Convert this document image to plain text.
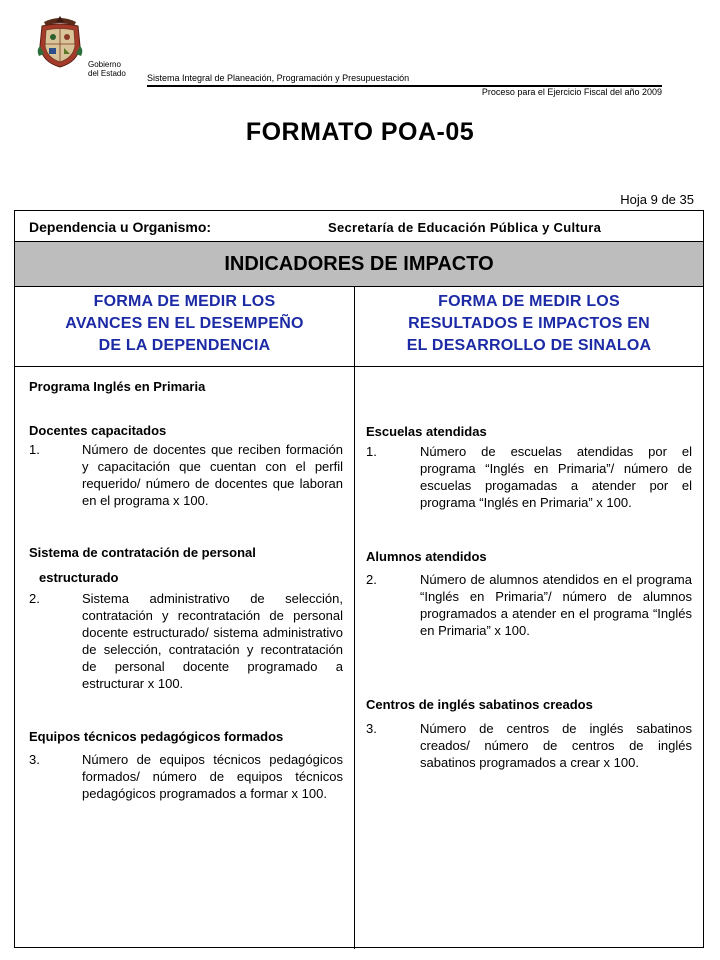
Gobierno
del Estado Sistema Integral de Planeación, Programación y Presupuestación
Proceso para el Ejercicio Fiscal del año 2009
FORMATO POA-05
Hoja 9 de 35
Dependencia u Organismo:	Secretaría de Educación Pública y Cultura
INDICADORES DE IMPACTO
FORMA DE MEDIR LOS
AVANCES EN EL DESEMPEÑO
DE LA DEPENDENCIA
FORMA DE MEDIR LOS
RESULTADOS E IMPACTOS EN
EL DESARROLLO DE SINALOA
Programa Inglés en Primaria
Docentes capacitados
1.	Número de docentes que reciben formación y capacitación que cuentan con el perfil requerido/ número de docentes que laboran en el programa x 100.
Sistema de contratación de personal
estructurado
2.	Sistema administrativo de selección, contratación y recontratación de personal docente estructurado/ sistema administrativo de selección, contratación y recontratación de personal docente programado a estructurar x 100.
Equipos técnicos pedagógicos formados
3.	Número de equipos técnicos pedagógicos formados/ número de equipos técnicos pedagógicos programados a formar x 100.
Escuelas atendidas
1.	Número de escuelas atendidas por el programa “Inglés en Primaria”/ número de escuelas progamadas a atender por el programa “Inglés en Primaria” x 100.
Alumnos atendidos
2.	Número de alumnos atendidos en el programa “Inglés en Primaria”/ número de alumnos programados a atender en el programa “Inglés en Primaria” x 100.
Centros de inglés sabatinos creados
3.	Número de centros de inglés sabatinos creados/ número de centros de inglés sabatinos programados a crear x 100.
